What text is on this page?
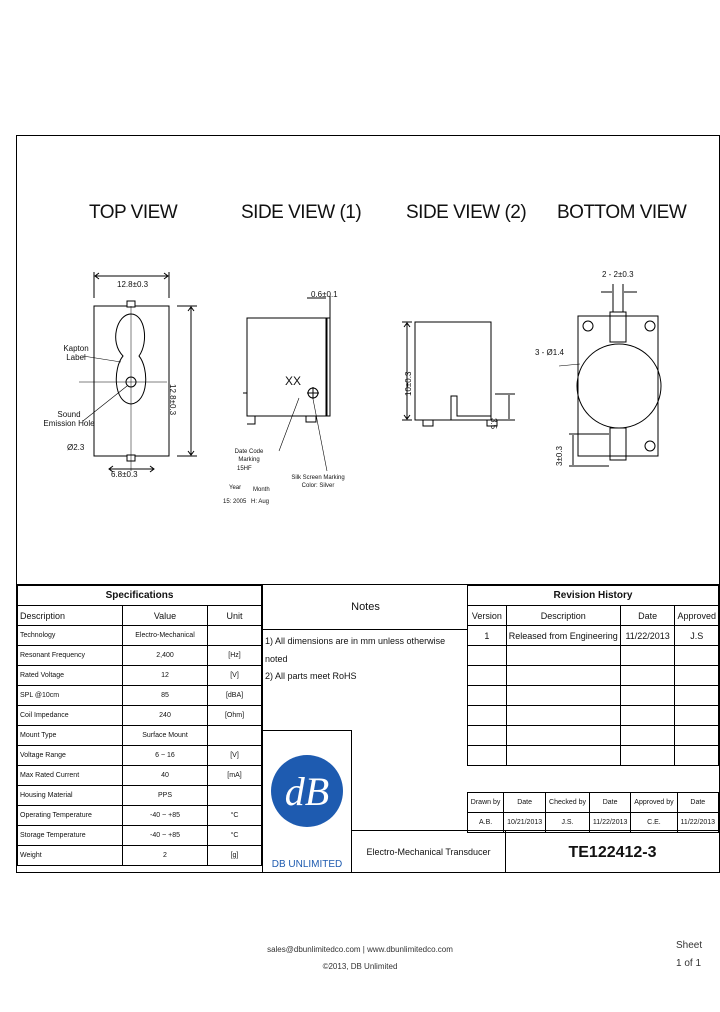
TOP VIEW	SIDE VIEW (1) SIDE VIEW (2) BOTTOM VIEW
12.8±0.3
12.8±0.3
6.8±0.3
Kapton Label
Sound Emission Hole
Ø2.3
0.6±0.1
XX
Date Code Marking
15HF
Year Month
15: 2005 H: Aug
Silk Screen Marking Color: Silver
10±0.3
3.5
2 - 2±0.3
3 - Ø1.4
3±0.3
Specifications		
Description	Value	Unit
Technology	Electro-Mechanical	
Resonant Frequency	2,400	[Hz]
Rated Voltage	12	[V]
SPL @10cm	85	[dBA]
Coil Impedance	240	[Ohm]
Mount Type	Surface Mount	
Voltage Range	6 ~ 16	[V]
Max Rated Current	40	[mA]
Housing Material	PPS	
Operating Temperature	-40 ~ +85	°C
Storage Temperature	-40 ~ +85	°C
Weight	2	[g]
Notes
1) All dimensions are in mm unless otherwise noted
2) All parts meet RoHS
dB
DB UNLIMITED
Electro-Mechanical Transducer	TE122412-3
Revision History			
Version	Description	Date	Approved
1	Released from Engineering	11/22/2013	J.S

Drawn by	Date	Checked by	Date	Approved by	Date
A.B.	10/21/2013	J.S.	11/22/2013	C.E.	11/22/2013
sales@dbunlimitedco.com | www.dbunlimitedco.com
©2013, DB Unlimited
Sheet
1 of 1
